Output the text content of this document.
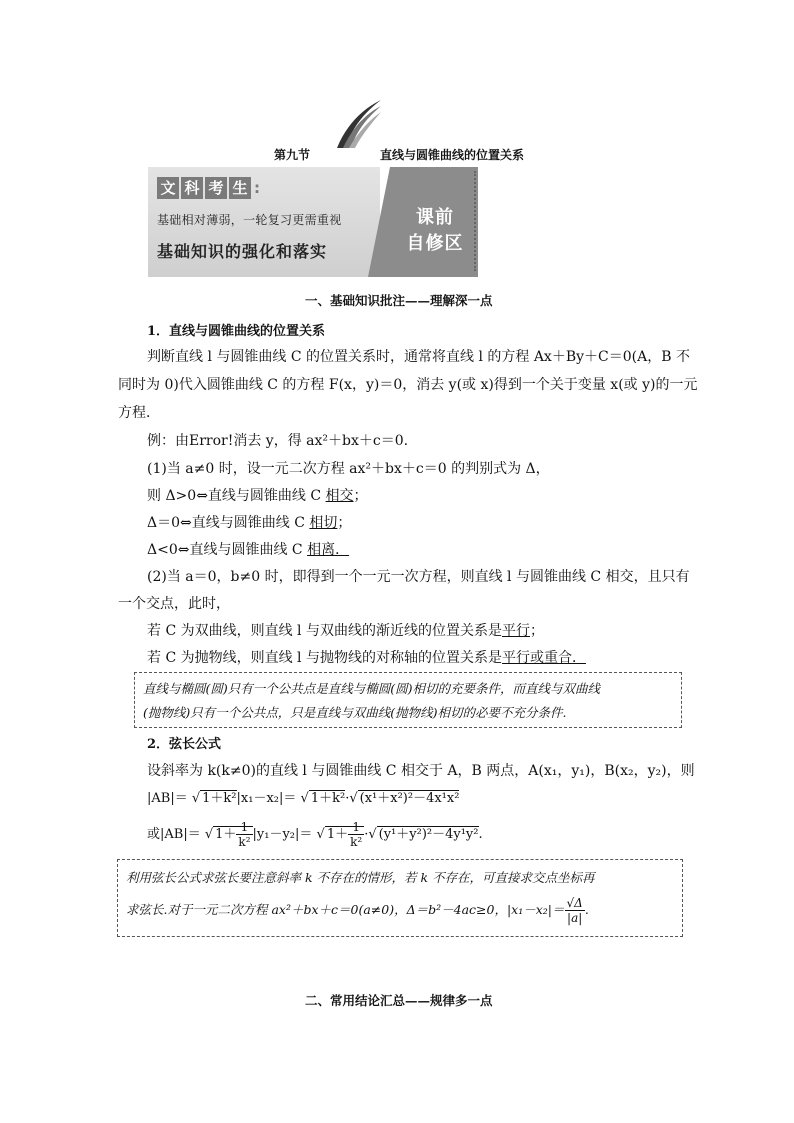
第九节	直线与圆锥曲线的位置关系
文 科 考 生 :
基础相对薄弱，一轮复习更需重视
基础知识的强化和落实
课前
自修区
一、基础知识批注——理解深一点
1．直线与圆锥曲线的位置关系
判断直线 l 与圆锥曲线 C 的位置关系时，通常将直线 l 的方程 Ax＋By＋C＝0(A，B 不
同时为 0)代入圆锥曲线 C 的方程 F(x，y)＝0，消去 y(或 x)得到一个关于变量 x(或 y)的一元
方程．
例：由Error!消去 y，得 ax²＋bx＋c＝0.
(1)当 a≠0 时，设一元二次方程 ax²＋bx＋c＝0 的判别式为 Δ，
则 Δ>0⇔直线与圆锥曲线 C 相交；
Δ＝0⇔直线与圆锥曲线 C 相切；
Δ<0⇔直线与圆锥曲线 C 相离．
(2)当 a＝0，b≠0 时，即得到一个一元一次方程，则直线 l 与圆锥曲线 C 相交，且只有
一个交点，此时，
若 C 为双曲线，则直线 l 与双曲线的渐近线的位置关系是平行；
若 C 为抛物线，则直线 l 与抛物线的对称轴的位置关系是平行或重合．
直线与椭圆(圆)只有一个公共点是直线与椭圆(圆)相切的充要条件，而直线与双曲线
(抛物线)只有一个公共点，只是直线与双曲线(抛物线)相切的必要不充分条件.
2．弦长公式
设斜率为 k(k≠0)的直线 l 与圆锥曲线 C 相交于 A，B 两点，A(x₁，y₁)，B(x₂，y₂)，则
|AB|＝ √ 1＋k²|x₁－x₂|＝ √ 1＋k²·√ (x¹＋x²)²－4x¹x²
或|AB|＝ √ $1+ \frac{1}{\text{k²}} |y_1-y_2|=$ √ $1+ \frac{1}{\text{k²}}$ ·√ (y¹＋y²)²－4y¹y².
利用弦长公式求弦长要注意斜率 k 不存在的情形，若 k 不存在，可直接求交点坐标再
求弦长.对于一元二次方程 ax²＋bx＋c＝0(a≠0)，Δ＝b²－4ac≥0，$|x_1-x_2|= \frac{√\Delta}{|a|}$ .
二、常用结论汇总——规律多一点
